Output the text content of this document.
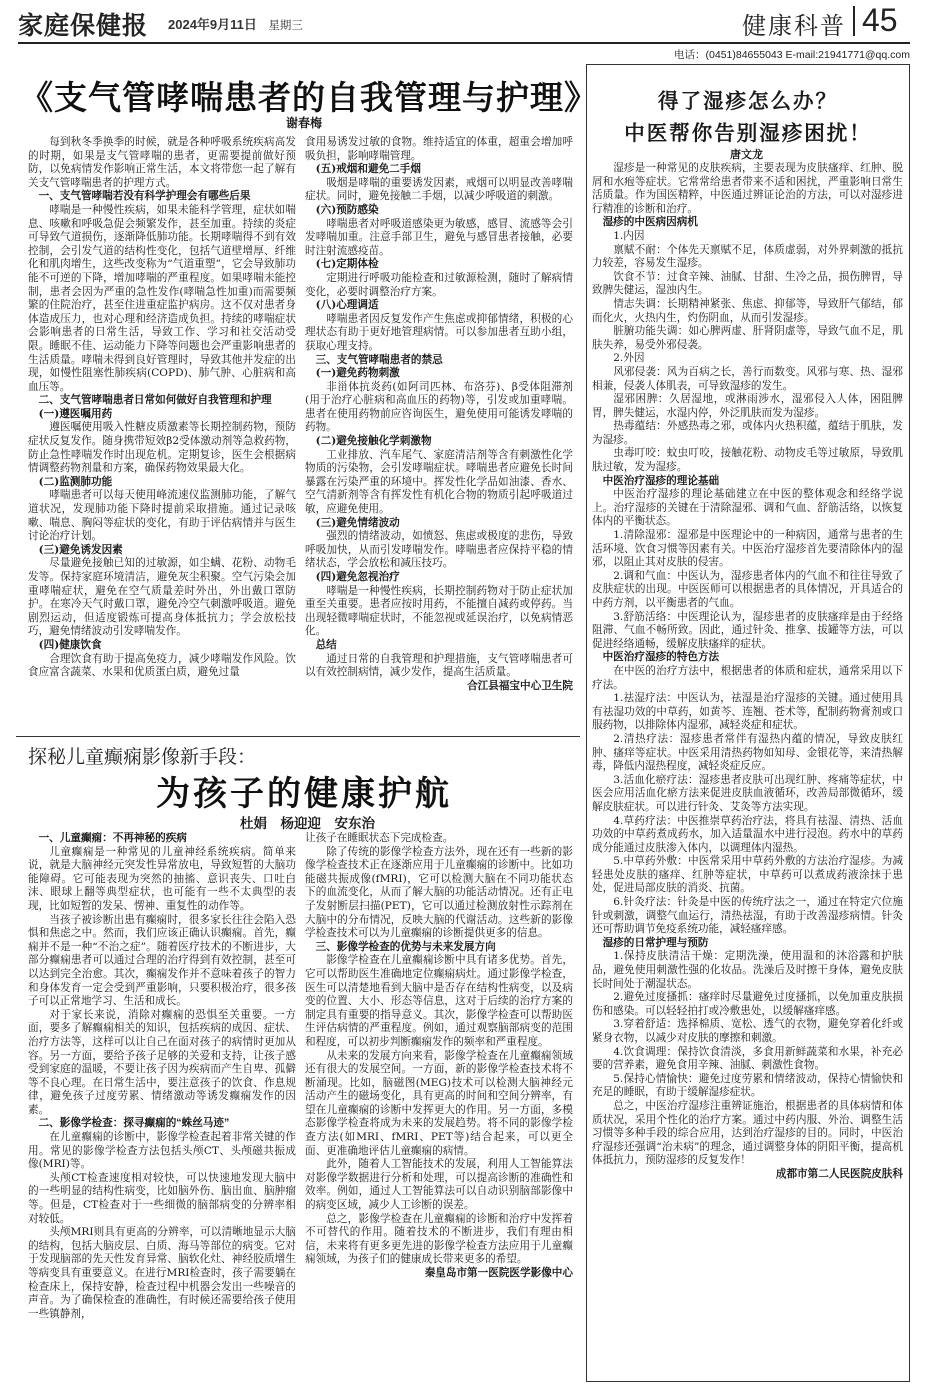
家庭保健报 2024年9月11日　 星期三	健康科普 45
电话：(0451)84655043 E-mail:21941771@qq.com
《支气管哮喘患者的自我管理与护理》
谢春梅

每到秋冬季换季的时候，就是各种呼吸系统疾病高发的时期，如果是支气管哮喘的患者，更需要提前做好预防，以免病情发作影响正常生活，本文将带您一起了解有关支气管哮喘患者的护理方式。

一、支气管哮喘若没有科学护理会有哪些后果

哮喘是一种慢性疾病，如果未能科学管理，症状如喘息、咳嗽和呼吸急促会频繁发作，甚至加重。持续的炎症可导致气道损伤，逐渐降低肺功能。长期哮喘得不到有效控制，会引发气道的结构性变化，包括气道壁增厚、纤维化和肌肉增生，这些改变称为“气道重塑”，它会导致肺功能不可逆的下降，增加哮喘的严重程度。如果哮喘未能控制，患者会因为严重的急性发作(哮喘急性加重)而需要频繁的住院治疗，甚至住进重症监护病房。这不仅对患者身体造成压力，也对心理和经济造成负担。持续的哮喘症状会影响患者的日常生活，导致工作、学习和社交活动受限。睡眠不佳、运动能力下降等问题也会严重影响患者的生活质量。哮喘未得到良好管理时，导致其他并发症的出现，如慢性阻塞性肺疾病(COPD)、肺气肿、心脏病和高血压等。

二、支气管哮喘患者日常如何做好自我管理和护理

(一)遵医嘱用药

遵医嘱使用吸入性糖皮质激素等长期控制药物，预防症状反复发作。随身携带短效β2受体激动剂等急救药物，防止急性哮喘发作时出现危机。定期复诊，医生会根据病情调整药物剂量和方案，确保药物效果最大化。

(二)监测肺功能

哮喘患者可以每天使用峰流速仪监测肺功能，了解气道状况，发现肺功能下降时提前采取措施。通过记录咳嗽、喘息、胸闷等症状的变化，有助于评估病情并与医生讨论治疗计划。

(三)避免诱发因素

尽量避免接触已知的过敏源，如尘螨、花粉、动物毛发等。保持家庭环境清洁，避免灰尘积聚。空气污染会加重哮喘症状，避免在空气质量差时外出，外出戴口罩防护。在寒冷天气时戴口罩，避免冷空气刺激呼吸道。避免剧烈运动，但适度锻炼可提高身体抵抗力；学会放松技巧，避免情绪波动引发哮喘发作。

(四)健康饮食

合理饮食有助于提高免疫力，减少哮喘发作风险。饮食应富含蔬菜、水果和优质蛋白质，避免过量

食用易诱发过敏的食物。维持适宜的体重，超重会增加呼吸负担，影响哮喘管理。

(五)戒烟和避免二手烟

吸烟是哮喘的重要诱发因素，戒烟可以明显改善哮喘症状。同时，避免接触二手烟，以减少呼吸道的刺激。

(六)预防感染

哮喘患者对呼吸道感染更为敏感，感冒、流感等会引发哮喘加重。注意手部卫生，避免与感冒患者接触，必要时注射流感疫苗。

(七)定期体检

定期进行呼吸功能检查和过敏源检测，随时了解病情变化，必要时调整治疗方案。

(八)心理调适

哮喘患者因反复发作产生焦虑或抑郁情绪，积极的心理状态有助于更好地管理病情。可以参加患者互助小组，获取心理支持。

三、支气管哮喘患者的禁忌

(一)避免药物刺激

非甾体抗炎药(如阿司匹林、布洛芬)、β受体阻滞剂(用于治疗心脏病和高血压的药物)等，引发或加重哮喘。患者在使用药物前应咨询医生，避免使用可能诱发哮喘的药物。

(二)避免接触化学刺激物

工业排放、汽车尾气、家庭清洁剂等含有刺激性化学物质的污染物，会引发哮喘症状。哮喘患者应避免长时间暴露在污染严重的环境中。挥发性化学品如油漆、香水、空气清新剂等含有挥发性有机化合物的物质引起呼吸道过敏，应避免使用。

(三)避免情绪波动

强烈的情绪波动，如愤怒、焦虑或极度的悲伤，导致呼吸加快，从而引发哮喘发作。哮喘患者应保持平稳的情绪状态，学会放松和减压技巧。

(四)避免忽视治疗

哮喘是一种慢性疾病，长期控制药物对于防止症状加重至关重要。患者应按时用药，不能擅自减药或停药。当出现轻微哮喘症状时，不能忽视或延误治疗，以免病情恶化。

总结

通过日常的自我管理和护理措施，支气管哮喘患者可以有效控制病情，减少发作，提高生活质量。

合江县福宝中心卫生院

探秘儿童癫痫影像新手段：
为孩子的健康护航
杜娟　杨迎迎　安东治

一、儿童癫痫：不再神秘的疾病

儿童癫痫是一种常见的儿童神经系统疾病。简单来说，就是大脑神经元突发性异常放电，导致短暂的大脑功能障碍。它可能表现为突然的抽搐、意识丧失、口吐白沫、眼球上翻等典型症状，也可能有一些不太典型的表现，比如短暂的发呆、愣神、重复性的动作等。

当孩子被诊断出患有癫痫时，很多家长往往会陷入恐惧和焦虑之中。然而，我们应该正确认识癫痫。首先，癫痫并不是一种“不治之症”。随着医疗技术的不断进步，大部分癫痫患者可以通过合理的治疗得到有效控制，甚至可以达到完全治愈。其次，癫痫发作并不意味着孩子的智力和身体发育一定会受到严重影响，只要积极治疗，很多孩子可以正常地学习、生活和成长。

对于家长来说，消除对癫痫的恐惧至关重要。一方面，要多了解癫痫相关的知识，包括疾病的成因、症状、治疗方法等，这样可以让自己在面对孩子的病情时更加从容。另一方面，要给予孩子足够的关爱和支持，让孩子感受到家庭的温暖，不要让孩子因为疾病而产生自卑、孤僻等不良心理。在日常生活中，要注意孩子的饮食、作息规律，避免孩子过度劳累、情绪激动等诱发癫痫发作的因素。

二、影像学检查：探寻癫痫的“蛛丝马迹”

在儿童癫痫的诊断中，影像学检查起着非常关键的作用。常见的影像学检查方法包括头颅CT、头颅磁共振成像(MRI)等。

头颅CT检查速度相对较快，可以快速地发现大脑中的一些明显的结构性病变，比如脑外伤、脑出血、脑肿瘤等。但是，CT检查对于一些细微的脑部病变的分辨率相对较低。

头颅MRI则具有更高的分辨率，可以清晰地显示大脑的结构，包括大脑皮层、白质、海马等部位的病变。它对于发现脑部的先天性发育异常、脑软化灶、神经胶质增生等病变具有重要意义。在进行MRI检查时，孩子需要躺在检查床上，保持安静，检查过程中机器会发出一些噪音的声音。为了确保检查的准确性，有时候还需要给孩子使用一些镇静剂，

让孩子在睡眠状态下完成检查。

除了传统的影像学检查方法外，现在还有一些新的影像学检查技术正在逐渐应用于儿童癫痫的诊断中。比如功能磁共振成像(fMRI)，它可以检测大脑在不同功能状态下的血流变化，从而了解大脑的功能活动情况。还有正电子发射断层扫描(PET)，它可以通过检测放射性示踪剂在大脑中的分布情况，反映大脑的代谢活动。这些新的影像学检查技术可以为儿童癫痫的诊断提供更多的信息。

三、影像学检查的优势与未来发展方向

影像学检查在儿童癫痫诊断中具有诸多优势。首先，它可以帮助医生准确地定位癫痫病灶。通过影像学检查，医生可以清楚地看到大脑中是否存在结构性病变，以及病变的位置、大小、形态等信息，这对于后续的治疗方案的制定具有重要的指导意义。其次，影像学检查可以帮助医生评估病情的严重程度。例如，通过观察脑部病变的范围和程度，可以初步判断癫痫发作的频率和严重程度。

从未来的发展方向来看，影像学检查在儿童癫痫领域还有很大的发展空间。一方面，新的影像学检查技术将不断涌现。比如，脑磁图(MEG)技术可以检测大脑神经元活动产生的磁场变化，具有更高的时间和空间分辨率，有望在儿童癫痫的诊断中发挥更大的作用。另一方面，多模态影像学检查将成为未来的发展趋势。将不同的影像学检查方法(如MRI、fMRI、PET等)结合起来，可以更全面、更准确地评估儿童癫痫的病情。

此外，随着人工智能技术的发展，利用人工智能算法对影像学数据进行分析和处理，可以提高诊断的准确性和效率。例如，通过人工智能算法可以自动识别脑部影像中的病变区域，减少人工诊断的误差。

总之，影像学检查在儿童癫痫的诊断和治疗中发挥着不可替代的作用。随着技术的不断进步，我们有理由相信，未来将有更多更先进的影像学检查方法应用于儿童癫痫领域，为孩子们的健康成长带来更多的希望。

秦皇岛市第一医院医学影像中心

得了湿疹怎么办？
中医帮你告别湿疹困扰！
唐文龙

湿疹是一种常见的皮肤疾病，主要表现为皮肤瘙痒、红肿、脱屑和水疱等症状。它常常给患者带来不适和困扰，严重影响日常生活质量。作为国医精粹，中医通过辨证论治的方法，可以对湿疹进行精准的诊断和治疗。

湿疹的中医病因病机

1.内因

禀赋不耐：个体先天禀赋不足，体质虚弱，对外界刺激的抵抗力较差，容易发生湿疹。

饮食不节：过食辛辣、油腻、甘甜、生冷之品，损伤脾胃，导致脾失健运，湿浊内生。

情志失调：长期精神紧张、焦虑、抑郁等，导致肝气郁结，郁而化火，火热内生，灼伤阴血，从而引发湿疹。

脏腑功能失调：如心脾两虚、肝肾阴虚等，导致气血不足，肌肤失养，易受外邪侵袭。

2.外因

风邪侵袭：风为百病之长，善行而数变。风邪与寒、热、湿邪相兼，侵袭人体肌表，可导致湿疹的发生。

湿邪困脾：久居湿地，或淋雨涉水，湿邪侵入人体，困阻脾胃，脾失健运，水湿内停，外泛肌肤而发为湿疹。

热毒蕴结：外感热毒之邪，或体内火热积蕴，蕴结于肌肤，发为湿疹。

虫毒叮咬：蚊虫叮咬，接触花粉、动物皮毛等过敏原，导致肌肤过敏，发为湿疹。

中医治疗湿疹的理论基础

中医治疗湿疹的理论基础建立在中医的整体观念和经络学说上。治疗湿疹的关键在于清除湿邪、调和气血、舒筋活络，以恢复体内的平衡状态。

1.清除湿邪：湿邪是中医理论中的一种病因，通常与患者的生活环境、饮食习惯等因素有关。中医治疗湿疹首先要清除体内的湿邪，以阻止其对皮肤的侵害。

2.调和气血：中医认为，湿疹患者体内的气血不和往往导致了皮肤症状的出现。中医医师可以根据患者的具体情况，开具适合的中药方剂，以平衡患者的气血。

3.舒筋活络：中医理论认为，湿疹患者的皮肤瘙痒是由于经络阻滞、气血不畅所致。因此，通过针灸、推拿、拔罐等方法，可以促进经络通畅，缓解皮肤瘙痒的症状。

中医治疗湿疹的特色方法

在中医的治疗方法中，根据患者的体质和症状，通常采用以下疗法。

1.祛湿疗法：中医认为，祛湿是治疗湿疹的关键。通过使用具有祛湿功效的中草药，如黄芩、连翘、苍术等，配制药物膏剂或口服药物，以排除体内湿邪，减轻炎症和症状。

2.清热疗法：湿疹患者常伴有湿热内蕴的情况，导致皮肤红肿、瘙痒等症状。中医采用清热药物如知母、金银花等，来清热解毒，降低内湿热程度，减轻炎症反应。

3.活血化瘀疗法：湿疹患者皮肤可出现红肿、疼痛等症状，中医会应用活血化瘀方法来促进皮肤血液循环，改善局部微循环，缓解皮肤症状。可以进行针灸、艾灸等方法实现。

4.草药疗法：中医推崇草药治疗法，将具有祛湿、清热、活血功效的中草药煮成药水，加入适量温水中进行浸泡。药水中的草药成分能通过皮肤渗入体内，以调理体内湿热。

5.中草药外敷：中医常采用中草药外敷的方法治疗湿疹。为减轻患处皮肤的瘙痒、红肿等症状，中草药可以煮成药液涂抹于患处，促进局部皮肤的消炎、抗菌。

6.针灸疗法：针灸是中医的传统疗法之一，通过在特定穴位施针或刺激，调整气血运行，清热祛湿，有助于改善湿疹病情。针灸还可帮助调节免疫系统功能，减轻瘙痒感。

湿疹的日常护理与预防

1.保持皮肤清洁干燥：定期洗澡，使用温和的沐浴露和护肤品，避免使用刺激性强的化妆品。洗澡后及时擦干身体，避免皮肤长时间处于潮湿状态。

2.避免过度搔抓：瘙痒时尽量避免过度搔抓，以免加重皮肤损伤和感染。可以轻轻拍打或冷敷患处，以缓解瘙痒感。

3.穿着舒适：选择棉质、宽松、透气的衣物，避免穿着化纤或紧身衣物，以减少对皮肤的摩擦和刺激。

4.饮食调理：保持饮食清淡，多食用新鲜蔬菜和水果，补充必要的营养素，避免食用辛辣、油腻、刺激性食物。

5.保持心情愉快：避免过度劳累和情绪波动，保持心情愉快和充足的睡眠，有助于缓解湿疹症状。

总之，中医治疗湿疹注重辨证施治，根据患者的具体病情和体质状况，采用个性化的治疗方案。通过中药内服、外治、调整生活习惯等多种手段的综合应用，达到治疗湿疹的目的。同时，中医治疗湿疹还强调“治未病”的理念，通过调整身体的阴阳平衡，提高机体抵抗力，预防湿疹的反复发作！

成都市第二人民医院皮肤科
